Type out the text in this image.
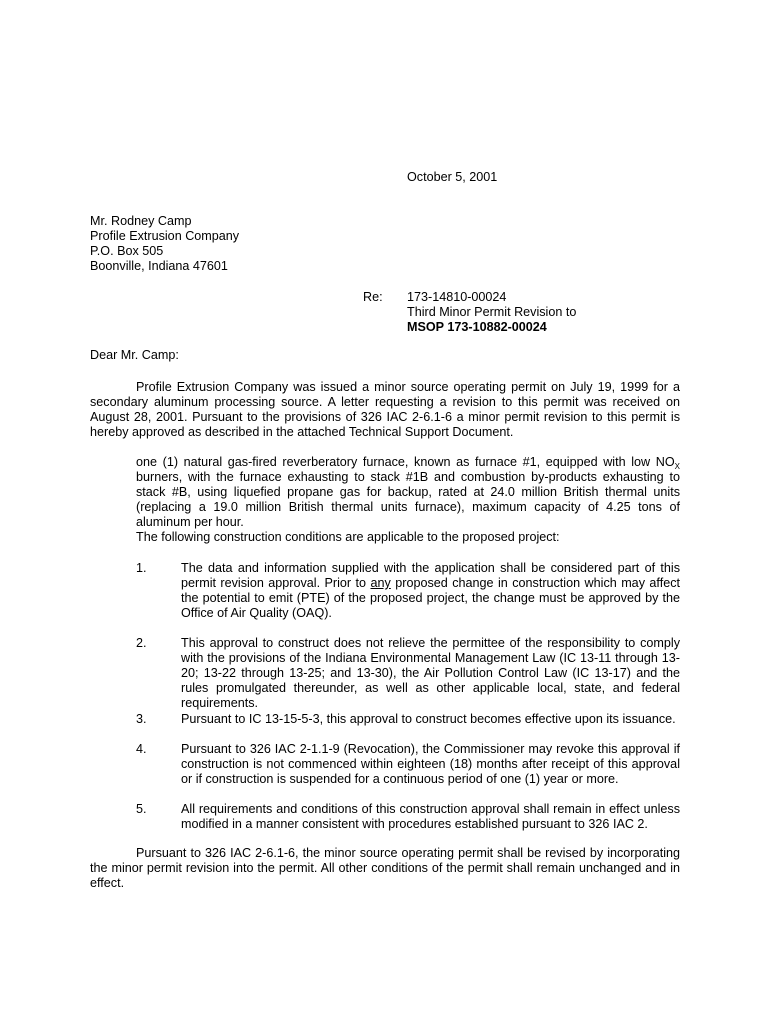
October 5, 2001
Mr. Rodney Camp
Profile Extrusion Company
P.O. Box 505
Boonville, Indiana 47601
Re: 173-14810-00024
Third Minor Permit Revision to
MSOP 173-10882-00024
Dear Mr. Camp:
Profile Extrusion Company was issued a minor source operating permit on July 19, 1999 for a secondary aluminum processing source. A letter requesting a revision to this permit was received on August 28, 2001. Pursuant to the provisions of 326 IAC 2-6.1-6 a minor permit revision to this permit is hereby approved as described in the attached Technical Support Document.
one (1) natural gas-fired reverberatory furnace, known as furnace #1, equipped with low $NO_X$ burners, with the furnace exhausting to stack #1B and combustion by-products exhausting to stack #B, using liquefied propane gas for backup, rated at 24.0 million British thermal units (replacing a 19.0 million British thermal units furnace), maximum capacity of 4.25 tons of aluminum per hour.
The following construction conditions are applicable to the proposed project:
1.	The data and information supplied with the application shall be considered part of this permit revision approval. Prior to any proposed change in construction which may affect the potential to emit (PTE) of the proposed project, the change must be approved by the Office of Air Quality (OAQ).
2.	This approval to construct does not relieve the permittee of the responsibility to comply with the provisions of the Indiana Environmental Management Law (IC 13-11 through 13-20; 13-22 through 13-25; and 13-30), the Air Pollution Control Law (IC 13-17) and the rules promulgated thereunder, as well as other applicable local, state, and federal requirements.
3.	Pursuant to IC 13-15-5-3, this approval to construct becomes effective upon its issuance.
4.	Pursuant to 326 IAC 2-1.1-9 (Revocation), the Commissioner may revoke this approval if construction is not commenced within eighteen (18) months after receipt of this approval or if construction is suspended for a continuous period of one (1) year or more.
5.	All requirements and conditions of this construction approval shall remain in effect unless modified in a manner consistent with procedures established pursuant to 326 IAC 2.
Pursuant to 326 IAC 2-6.1-6, the minor source operating permit shall be revised by incorporating the minor permit revision into the permit. All other conditions of the permit shall remain unchanged and in effect.
